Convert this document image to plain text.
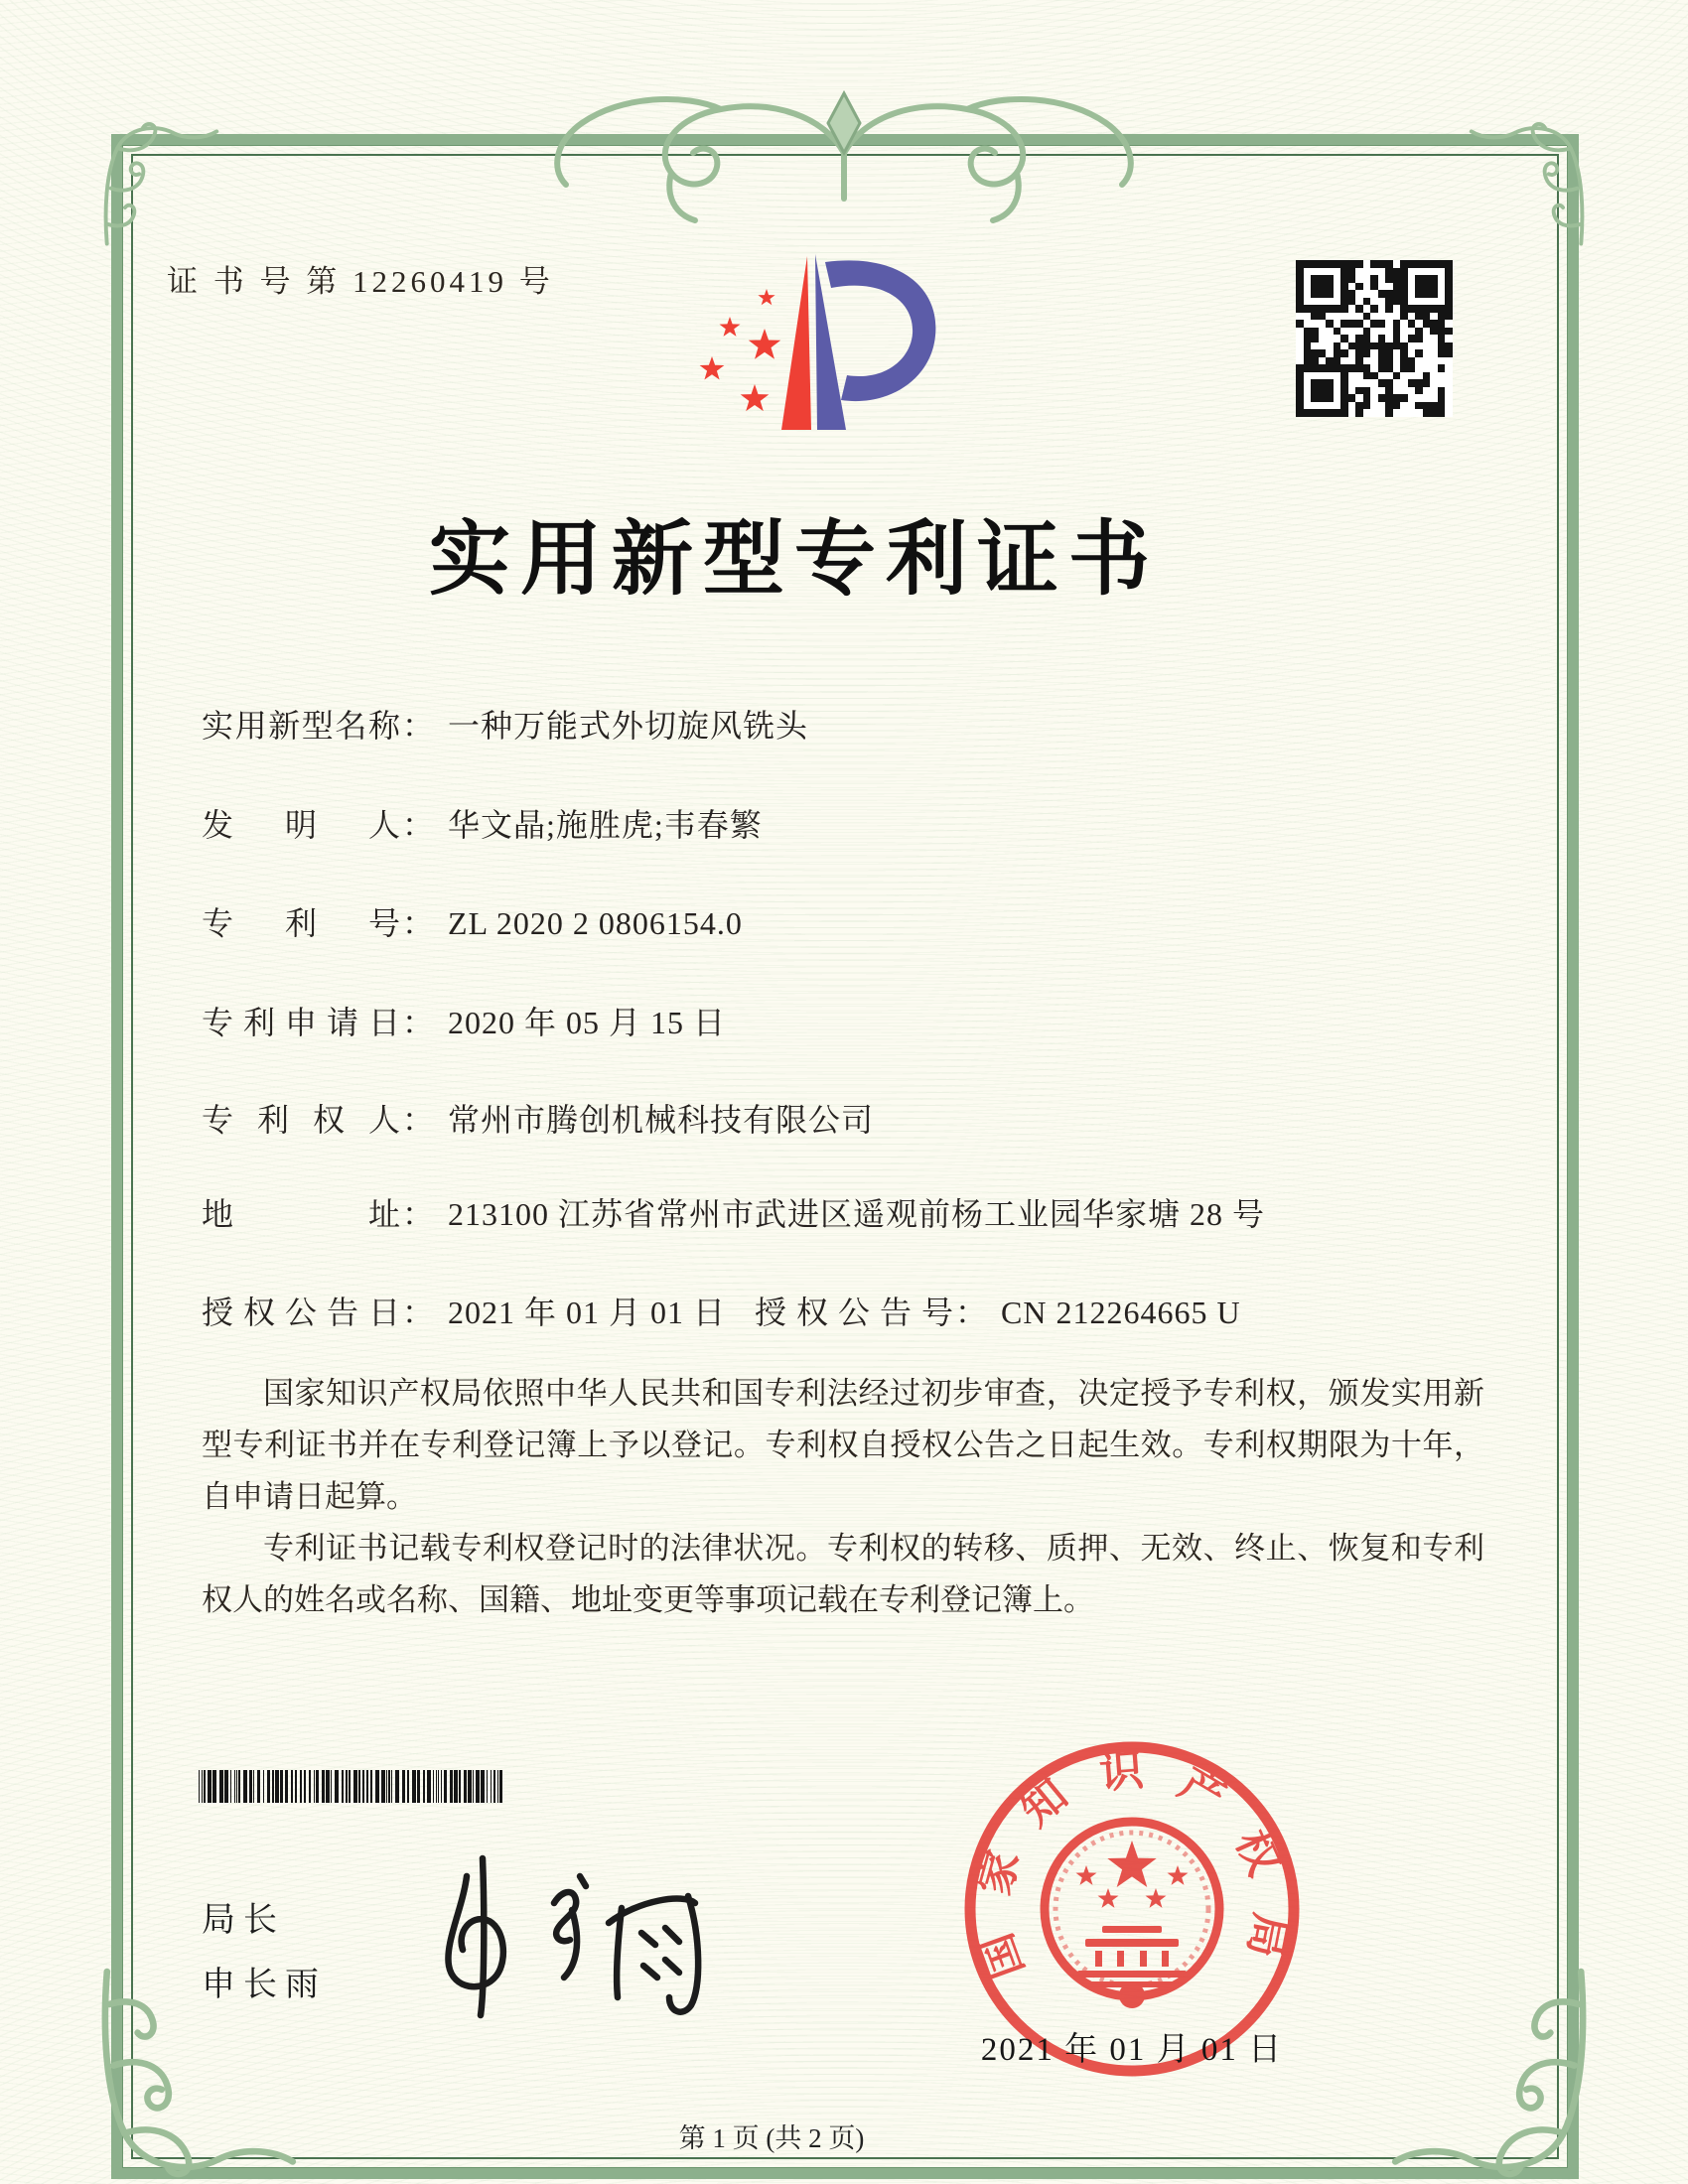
证 书 号 第 12260419 号
实用新型专利证书
实用新型名称： 一种万能式外切旋风铣头
发明人： 华文晶;施胜虎;韦春繁
专利号： ZL 2020 2 0806154.0
专利申请日： 2020 年 05 月 15 日
专利权人： 常州市腾创机械科技有限公司
地址： 213100 江苏省常州市武进区遥观前杨工业园华家塘 28 号
授权公告日： 2021 年 01 月 01 日 授权公告号： CN 212264665 U

国家知识产权局依照中华人民共和国专利法经过初步审查，决定授予专利权，颁发实用新型专利证书并在专利登记簿上予以登记。专利权自授权公告之日起生效。专利权期限为十年，自申请日起算。

专利证书记载专利权登记时的法律状况。专利权的转移、质押、无效、终止、恢复和专利权人的姓名或名称、国籍、地址变更等事项记载在专利登记簿上。

局长
申长雨	国家知识产权局
2021 年 01 月 01 日
第 1 页 (共 2 页)
